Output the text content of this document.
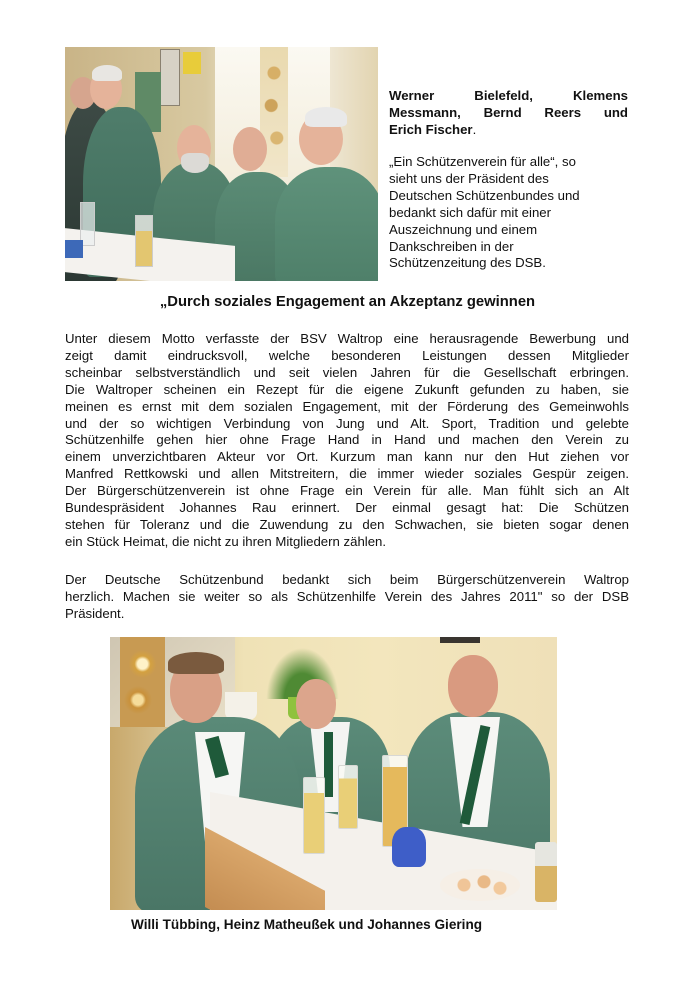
Werner Bielefeld, Klemens
Messmann, Bernd Reers und
Erich Fischer.
„Ein Schützenverein für alle“, so
sieht uns der Präsident des
Deutschen Schützenbundes und
bedankt sich dafür mit einer
Auszeichnung und einem
Dankschreiben in der
Schützenzeitung des DSB.
„Durch soziales Engagement an Akzeptanz gewinnen
Unter diesem Motto verfasste der BSV Waltrop eine herausragende Bewerbung und
zeigt damit eindrucksvoll, welche besonderen Leistungen dessen Mitglieder
scheinbar selbstverständlich und seit vielen Jahren für die Gesellschaft erbringen.
Die Waltroper scheinen ein Rezept für die eigene Zukunft gefunden zu haben, sie
meinen es ernst mit dem sozialen Engagement, mit der Förderung des Gemeinwohls
und der so wichtigen Verbindung von Jung und Alt. Sport, Tradition und gelebte
Schützenhilfe gehen hier ohne Frage Hand in Hand und machen den Verein zu
einem unverzichtbaren Akteur vor Ort. Kurzum man kann nur den Hut ziehen vor
Manfred Rettkowski und allen Mitstreitern, die immer wieder soziales Gespür zeigen.
Der Bürgerschützenverein ist ohne Frage ein Verein für alle. Man fühlt sich an Alt
Bundespräsident Johannes Rau erinnert. Der einmal gesagt hat: Die Schützen
stehen für Toleranz und die Zuwendung zu den Schwachen, sie bieten sogar denen
ein Stück Heimat, die nicht zu ihren Mitgliedern zählen.
Der Deutsche Schützenbund bedankt sich beim Bürgerschützenverein Waltrop
herzlich. Machen sie weiter so als Schützenhilfe Verein des Jahres 2011" so der DSB
Präsident.
Willi Tübbing, Heinz Matheußek und Johannes Giering
